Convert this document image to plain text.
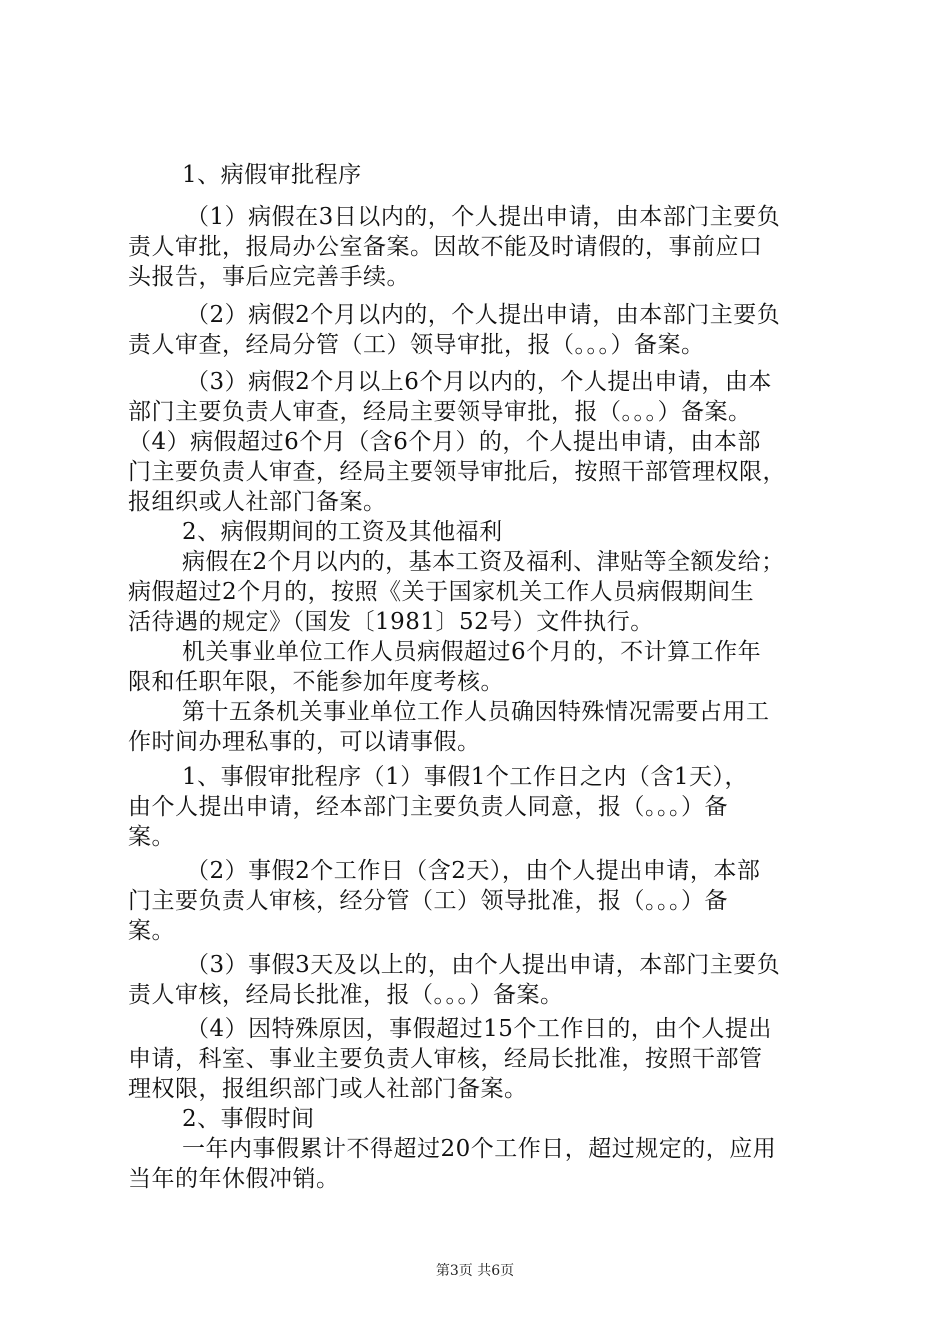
1、病假审批程序
（1）病假在3日以内的，个人提出申请，由本部门主要负
责人审批，报局办公室备案。因故不能及时请假的，事前应口
头报告，事后应完善手续。
（2）病假2个月以内的，个人提出申请，由本部门主要负
责人审查，经局分管（工）领导审批，报（。。。）备案。
（3）病假2个月以上6个月以内的，个人提出申请，由本
部门主要负责人审查，经局主要领导审批，报（。。。）备案。
（4）病假超过6个月（含6个月）的，个人提出申请，由本部
门主要负责人审查，经局主要领导审批后，按照干部管理权限，
报组织或人社部门备案。
2、病假期间的工资及其他福利
病假在2个月以内的，基本工资及福利、津贴等全额发给；
病假超过2个月的，按照《关于国家机关工作人员病假期间生
活待遇的规定》（国发〔1981〕52号）文件执行。
机关事业单位工作人员病假超过6个月的，不计算工作年
限和任职年限，不能参加年度考核。
第十五条机关事业单位工作人员确因特殊情况需要占用工
作时间办理私事的，可以请事假。
1、事假审批程序（1）事假1个工作日之内（含1天），
由个人提出申请，经本部门主要负责人同意，报（。。。）备
案。
（2）事假2个工作日（含2天），由个人提出申请，本部
门主要负责人审核，经分管（工）领导批准，报（。。。）备
案。
（3）事假3天及以上的，由个人提出申请，本部门主要负
责人审核，经局长批准，报（。。。）备案。
（4）因特殊原因，事假超过15个工作日的，由个人提出
申请，科室、事业主要负责人审核，经局长批准，按照干部管
理权限，报组织部门或人社部门备案。
2、事假时间
一年内事假累计不得超过20个工作日，超过规定的，应用
当年的年休假冲销。
第3页 共6页
